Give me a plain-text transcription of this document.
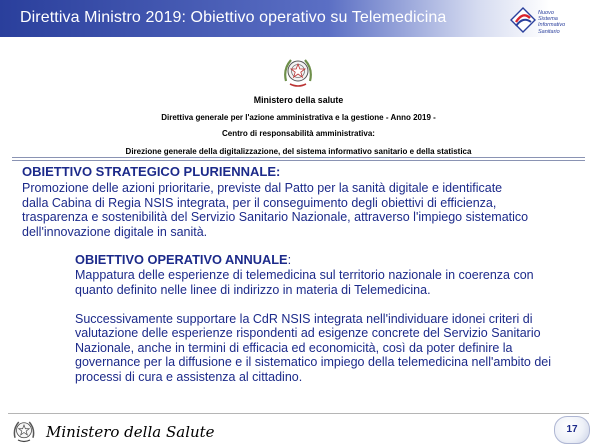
Direttiva Ministro 2019: Obiettivo operativo su Telemedicina	Nuovo
Sistema
Informativo
Sanitario
Ministero della salute
Direttiva generale per l'azione amministrativa e la gestione - Anno 2019 -
Centro di responsabilità amministrativa:
Direzione generale della digitalizzazione, del sistema informativo sanitario e della statistica
OBIETTIVO STRATEGICO PLURIENNALE:
Promozione delle azioni prioritarie, previste dal Patto per la sanità digitale e identificate
dalla Cabina di Regia NSIS integrata, per il conseguimento degli obiettivi di efficienza,
trasparenza e sostenibilità del Servizio Sanitario Nazionale, attraverso l'impiego sistematico
dell'innovazione digitale in sanità.
OBIETTIVO OPERATIVO ANNUALE:

Mappatura delle esperienze di telemedicina sul territorio nazionale in coerenza con
quanto definito nelle linee di indirizzo in materia di Telemedicina.

Successivamente supportare la CdR NSIS integrata nell'individuare idonei criteri di
valutazione delle esperienze rispondenti ad esigenze concrete del Servizio Sanitario
Nazionale, anche in termini di efficacia ed economicità, così da poter definire la
governance per la diffusione e il sistematico impiego della telemedicina nell'ambito dei
processi di cura e assistenza al cittadino.

Ministero della Salute	17
